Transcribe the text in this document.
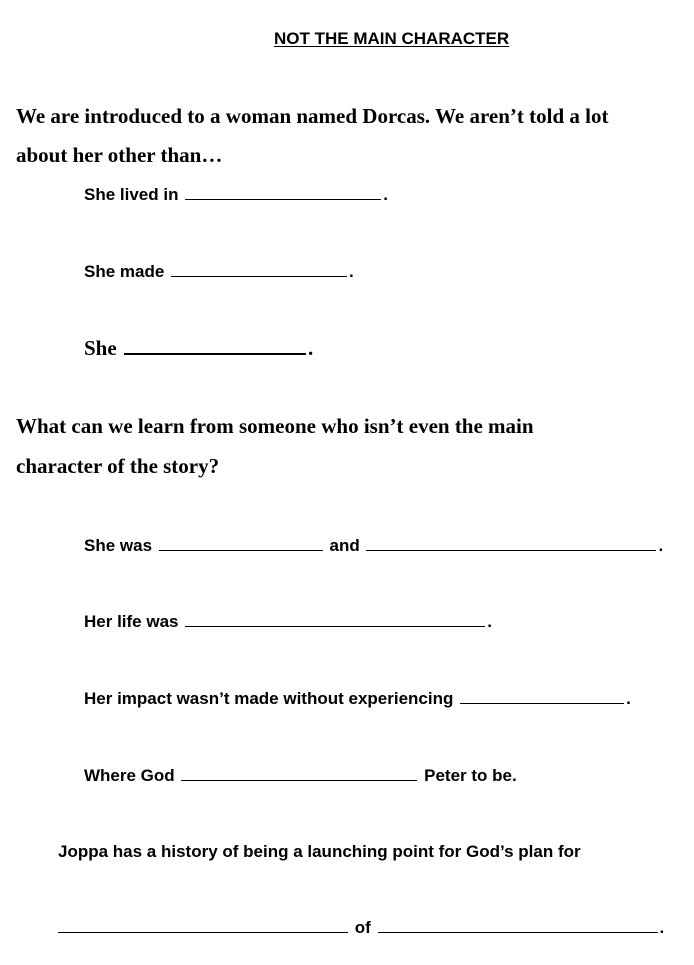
NOT THE MAIN CHARACTER
We are introduced to a woman named Dorcas. We aren’t told a lot
about her other than…
She lived in	.
She made	.
She	.
What can we learn from someone who isn’t even the main
character of the story?
She was	and	.
Her life was	.
Her impact wasn’t made without experiencing	.
Where God	Peter to be.
Joppa has a history of being a launching point for God’s plan for
of	.
